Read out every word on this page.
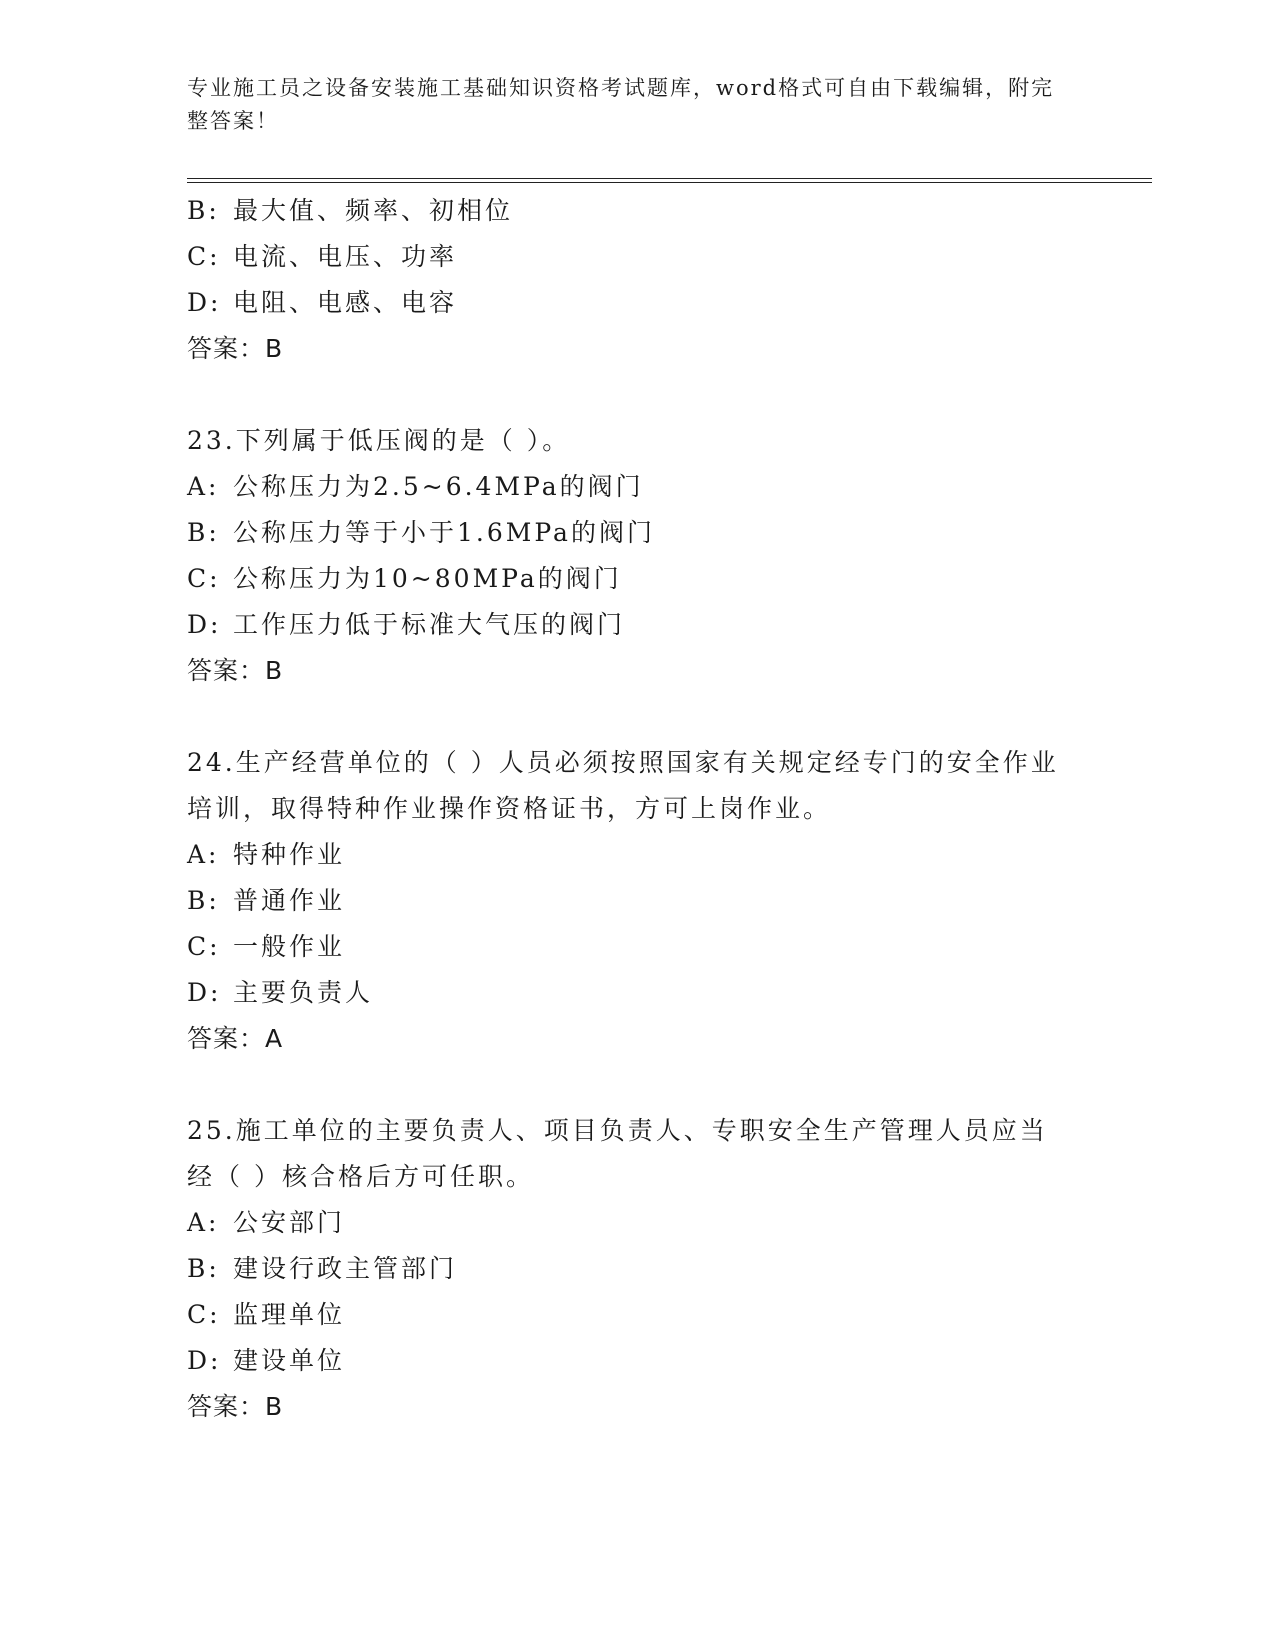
专业施工员之设备安装施工基础知识资格考试题库，word格式可自由下载编辑，附完整答案！
B: 最大值、频率、初相位
C: 电流、电压、功率
D: 电阻、电感、电容
答案：B
23.下列属于低压阀的是（ ）。
A: 公称压力为2.5~6.4MPa的阀门
B: 公称压力等于小于1.6MPa的阀门
C: 公称压力为10~80MPa的阀门
D: 工作压力低于标准大气压的阀门
答案：B
24.生产经营单位的（ ）人员必须按照国家有关规定经专门的安全作业培训，取得特种作业操作资格证书，方可上岗作业。
A: 特种作业
B: 普通作业
C: 一般作业
D: 主要负责人
答案：A
25.施工单位的主要负责人、项目负责人、专职安全生产管理人员应当经（ ）核合格后方可任职。
A: 公安部门
B: 建设行政主管部门
C: 监理单位
D: 建设单位
答案：B
